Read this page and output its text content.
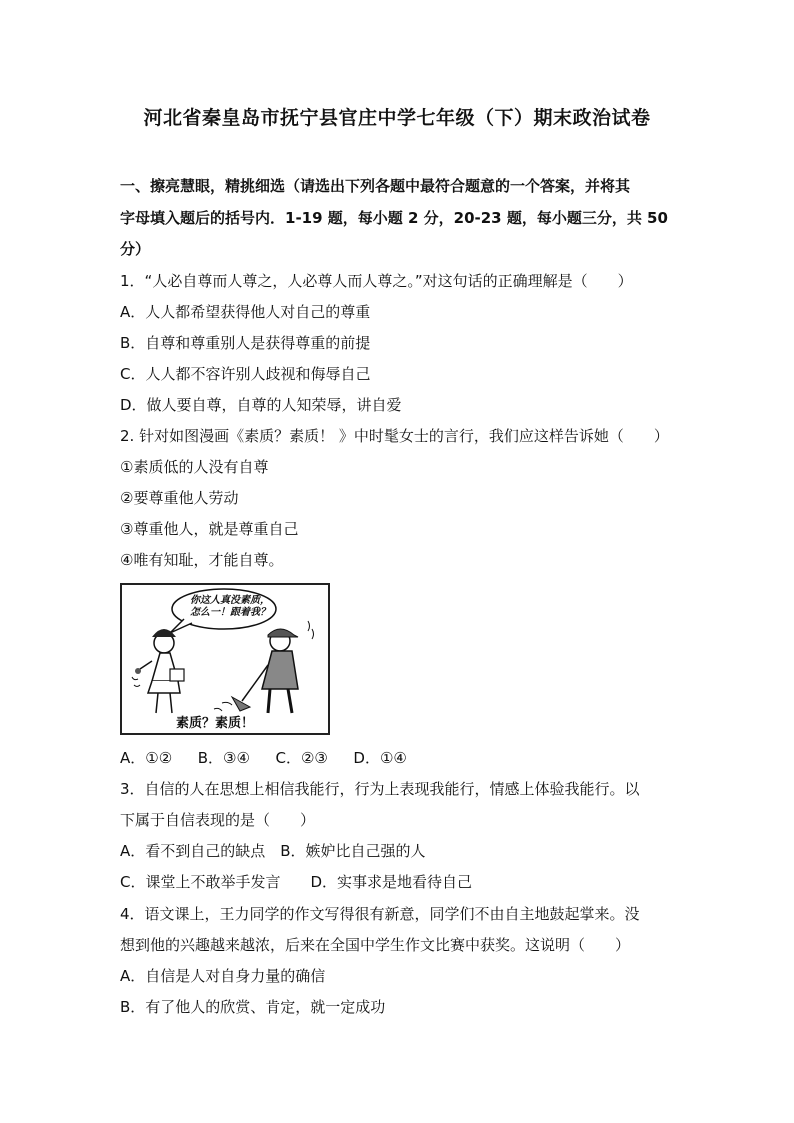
河北省秦皇岛市抚宁县官庄中学七年级（下）期末政治试卷
一、擦亮慧眼，精挑细选（请选出下列各题中最符合题意的一个答案，并将其
字母填入题后的括号内．1-19 题，每小题 2 分，20-23 题，每小题三分，共 50
分）
1．“人必自尊而人尊之，人必尊人而人尊之。”对这句话的正确理解是（　　）
A．人人都希望获得他人对自己的尊重
B．自尊和尊重别人是获得尊重的前提
C．人人都不容许别人歧视和侮辱自己
D．做人要自尊，自尊的人知荣辱，讲自爱
2. 针对如图漫画《素质？素质！ 》中时髦女士的言行，我们应这样告诉她（　　）
①素质低的人没有自尊
②要尊重他人劳动
③尊重他人，就是尊重自己
④唯有知耻，才能自尊。
你这人真没素质，
怎么一！跟着我？
素质？素质！
A．①② B．③④ C．②③ D．①④
3．自信的人在思想上相信我能行，行为上表现我能行，情感上体验我能行。以
下属于自信表现的是（　　）
A．看不到自己的缺点　B．嫉妒比自己强的人
C．课堂上不敢举手发言　　D．实事求是地看待自己
4．语文课上，王力同学的作文写得很有新意，同学们不由自主地鼓起掌来。没
想到他的兴趣越来越浓，后来在全国中学生作文比赛中获奖。这说明（　　）
A．自信是人对自身力量的确信
B．有了他人的欣赏、肯定，就一定成功
